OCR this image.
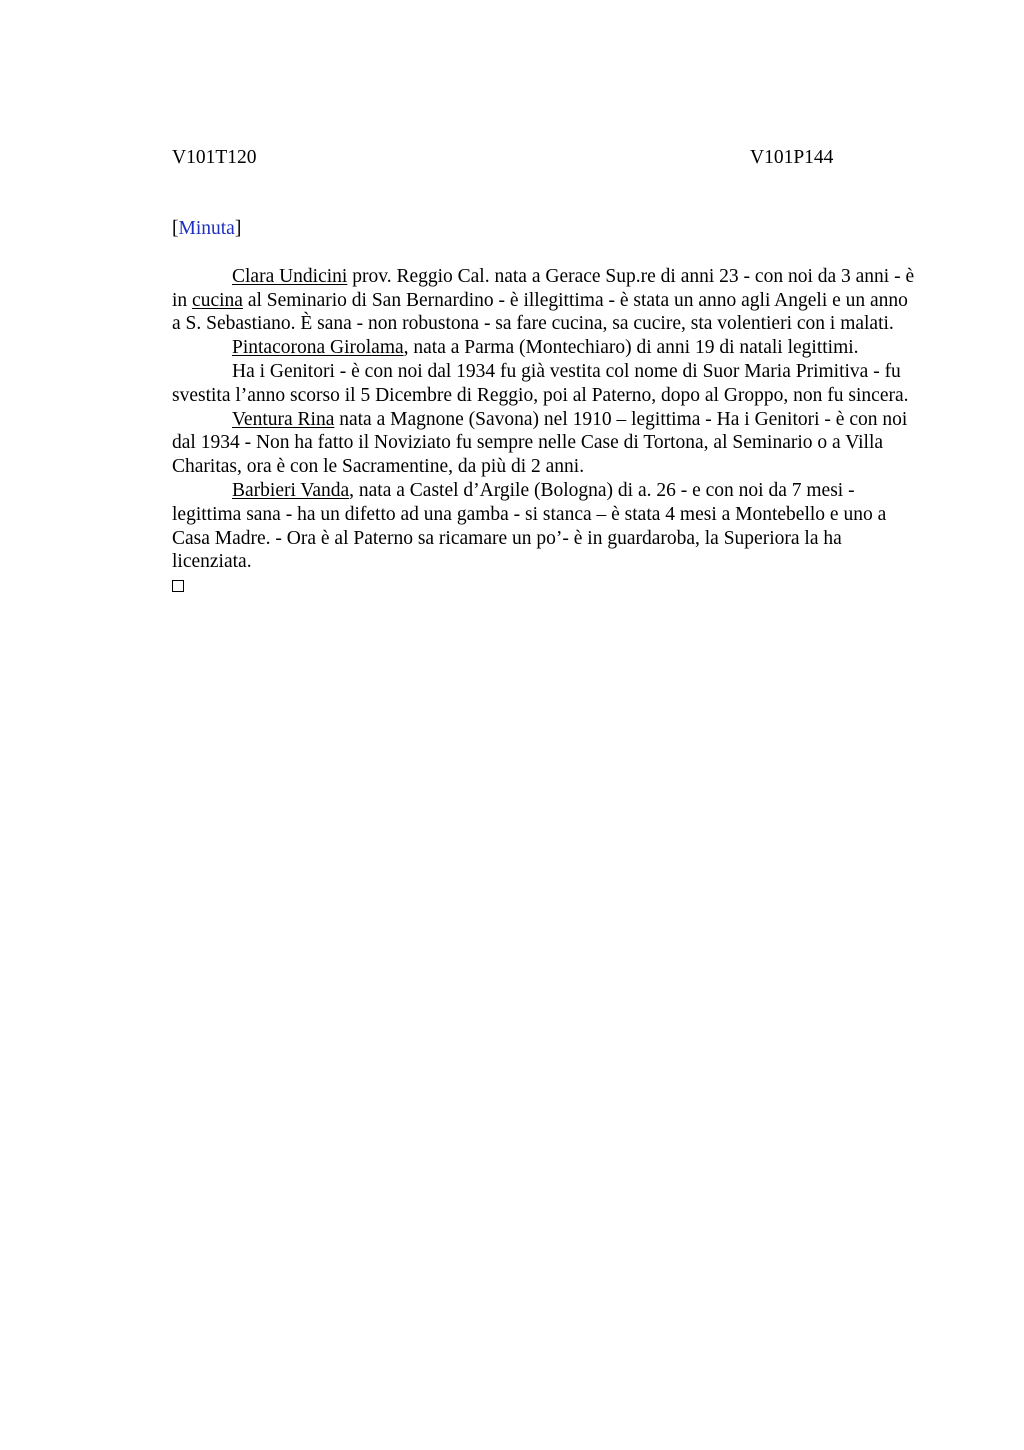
V101T120	V101P144
[Minuta]

Clara Undicini prov. Reggio Cal. nata a Gerace Sup.re di anni 23 - con noi da 3 anni - è in cucina al Seminario di San Bernardino - è illegittima - è stata un anno agli Angeli e un anno a S. Sebastiano. È sana - non robustona - sa fare cucina, sa cucire, sta volentieri con i malati.

Pintacorona Girolama, nata a Parma (Montechiaro) di anni 19 di natali legittimi.

Ha i Genitori - è con noi dal 1934 fu già vestita col nome di Suor Maria Primitiva - fu svestita l’anno scorso il 5 Dicembre di Reggio, poi al Paterno, dopo al Groppo, non fu sincera.

Ventura Rina nata a Magnone (Savona) nel 1910 – legittima - Ha i Genitori - è con noi dal 1934 - Non ha fatto il Noviziato fu sempre nelle Case di Tortona, al Seminario o a Villa Charitas, ora è con le Sacramentine, da più di 2 anni.

Barbieri Vanda, nata a Castel d’Argile (Bologna) di a. 26 - e con noi da 7 mesi - legittima sana - ha un difetto ad una gamba - si stanca – è stata 4 mesi a Montebello e uno a Casa Madre. - Ora è al Paterno sa ricamare un po’- è in guardaroba, la Superiora la ha licenziata.
